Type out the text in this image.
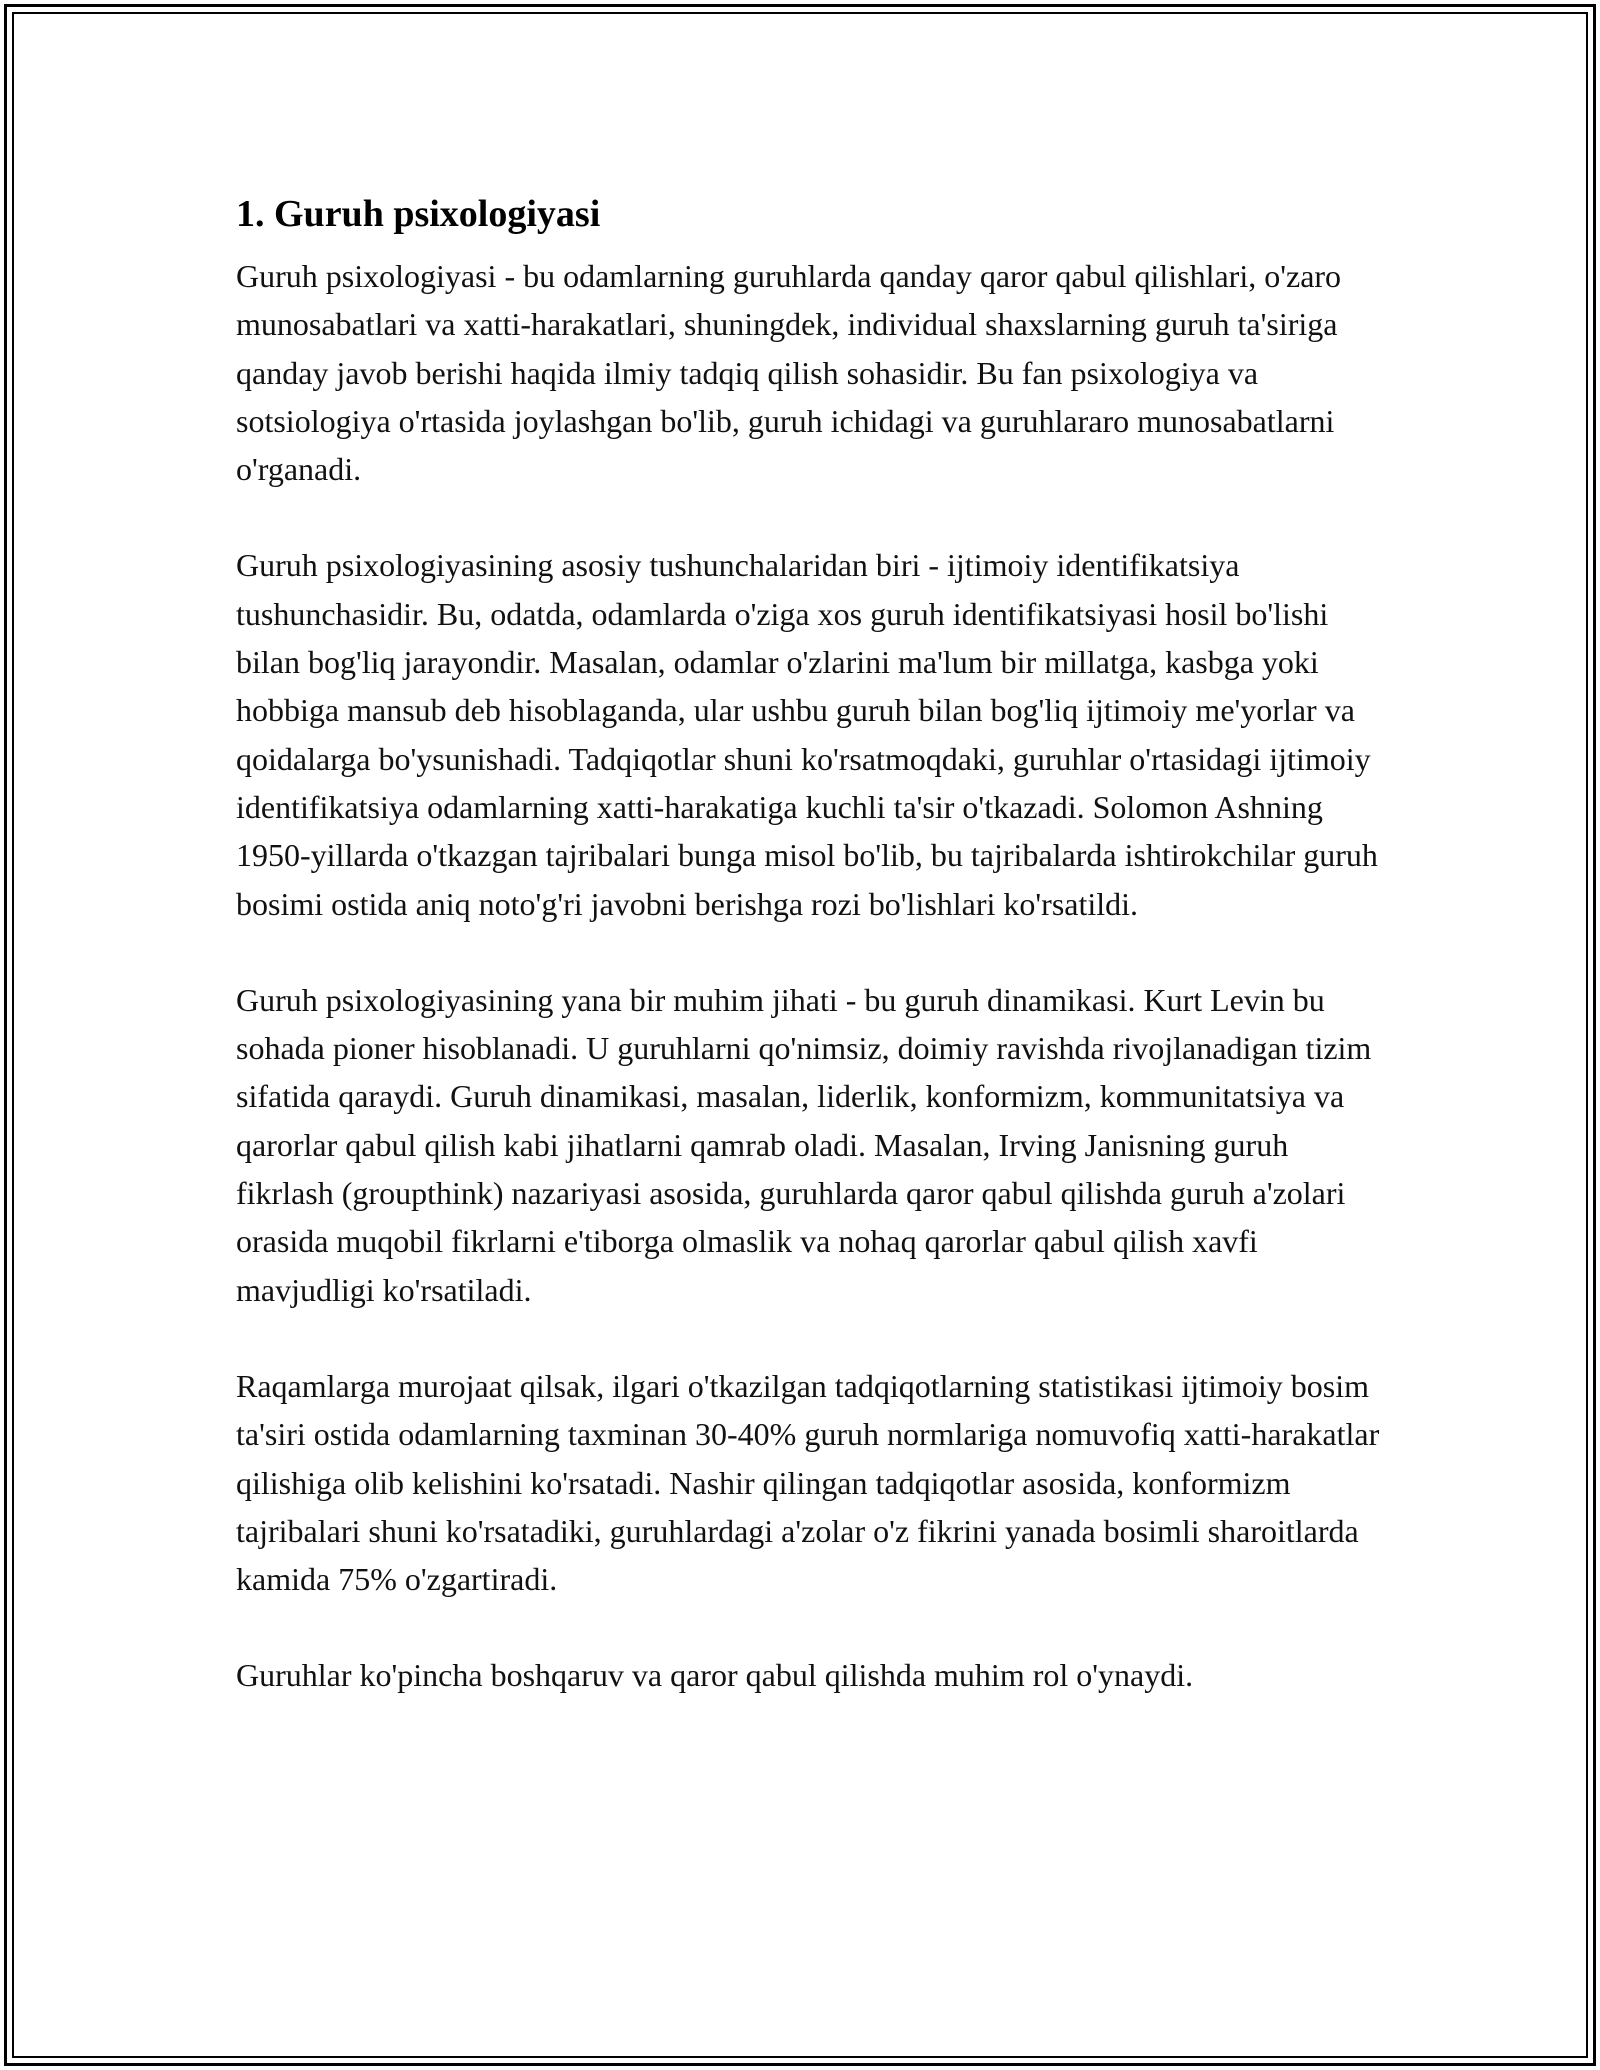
1. Guruh psixologiyasi

Guruh psixologiyasi - bu odamlarning guruhlarda qanday qaror qabul qilishlari, o'zaro munosabatlari va xatti-harakatlari, shuningdek, individual shaxslarning guruh ta'siriga qanday javob berishi haqida ilmiy tadqiq qilish sohasidir. Bu fan psixologiya va sotsiologiya o'rtasida joylashgan bo'lib, guruh ichidagi va guruhlararo munosabatlarni o'rganadi.

Guruh psixologiyasining asosiy tushunchalaridan biri - ijtimoiy identifikatsiya tushunchasidir. Bu, odatda, odamlarda o'ziga xos guruh identifikatsiyasi hosil bo'lishi bilan bog'liq jarayondir. Masalan, odamlar o'zlarini ma'lum bir millatga, kasbga yoki hobbiga mansub deb hisoblaganda, ular ushbu guruh bilan bog'liq ijtimoiy me'yorlar va qoidalarga bo'ysunishadi. Tadqiqotlar shuni ko'rsatmoqdaki, guruhlar o'rtasidagi ijtimoiy identifikatsiya odamlarning xatti-harakatiga kuchli ta'sir o'tkazadi. Solomon Ashning 1950-yillarda o'tkazgan tajribalari bunga misol bo'lib, bu tajribalarda ishtirokchilar guruh bosimi ostida aniq noto'g'ri javobni berishga rozi bo'lishlari ko'rsatildi.

Guruh psixologiyasining yana bir muhim jihati - bu guruh dinamikasi. Kurt Levin bu sohada pioner hisoblanadi. U guruhlarni qo'nimsiz, doimiy ravishda rivojlanadigan tizim sifatida qaraydi. Guruh dinamikasi, masalan, liderlik, konformizm, kommunitatsiya va qarorlar qabul qilish kabi jihatlarni qamrab oladi. Masalan, Irving Janisning guruh fikrlash (groupthink) nazariyasi asosida, guruhlarda qaror qabul qilishda guruh a'zolari orasida muqobil fikrlarni e'tiborga olmaslik va nohaq qarorlar qabul qilish xavfi mavjudligi ko'rsatiladi.

Raqamlarga murojaat qilsak, ilgari o'tkazilgan tadqiqotlarning statistikasi ijtimoiy bosim ta'siri ostida odamlarning taxminan 30-40% guruh normlariga nomuvofiq xatti-harakatlar qilishiga olib kelishini ko'rsatadi. Nashir qilingan tadqiqotlar asosida, konformizm tajribalari shuni ko'rsatadiki, guruhlardagi a'zolar o'z fikrini yanada bosimli sharoitlarda kamida 75% o'zgartiradi.

Guruhlar ko'pincha boshqaruv va qaror qabul qilishda muhim rol o'ynaydi.
